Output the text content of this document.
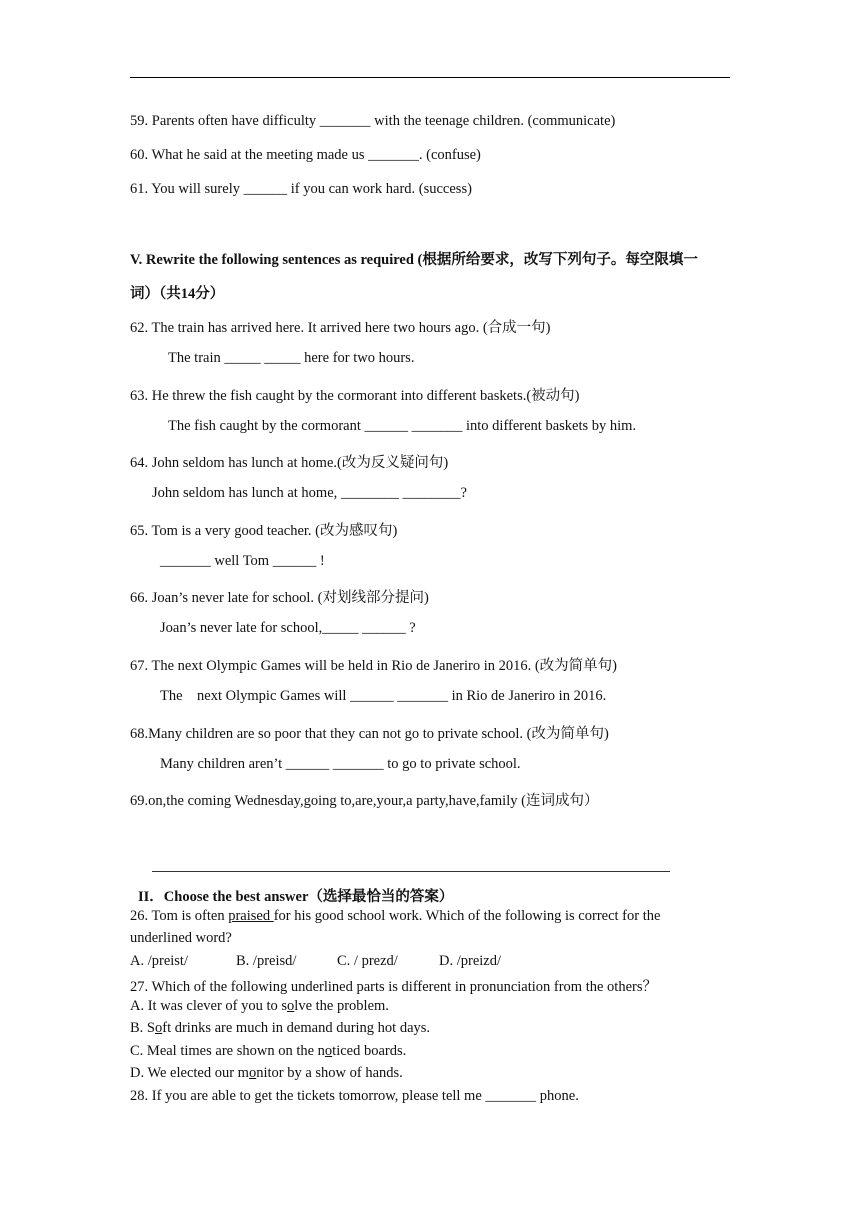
59. Parents often have difficulty _______ with the teenage children. (communicate)
60. What he said at the meeting made us _______. (confuse)
61. You will surely ______ if you can work hard. (success)
V. Rewrite the following sentences as required (根据所给要求，改写下列句子。每空限填一
词）（共14分）
62. The train has arrived here. It arrived here two hours ago. (合成一句)
The train _____ _____ here for two hours.
63. He threw the fish caught by the cormorant into different baskets.(被动句)
The fish caught by the cormorant ______ _______ into different baskets by him.
64. John seldom has lunch at home.(改为反义疑问句)
John seldom has lunch at home, ________ ________?
65. Tom is a very good teacher. (改为感叹句)
_______ well Tom ______ !
66. Joan’s never late for school. (对划线部分提问)
Joan’s never late for school,_____ ______ ?
67. The next Olympic Games will be held in Rio de Janeriro in 2016. (改为简单句)
The    next Olympic Games will ______ _______ in Rio de Janeriro in 2016.
68.Many children are so poor that they can not go to private school. (改为简单句)
Many children aren’t ______ _______ to go to private school.
69.on,the coming Wednesday,going to,are,your,a party,have,family (连词成句）
II．Choose the best answer（选择最恰当的答案）
26. Tom is often praised for his good school work. Which of the following is correct for the
underlined word?
A. /preist/	B. /preisd/	C. / prezd/	D. /preizd/
27. Which of the following underlined parts is different in pronunciation from the others？
A. It was clever of you to solve the problem.
B. Soft drinks are much in demand during hot days.
C. Meal times are shown on the noticed boards.
D. We elected our monitor by a show of hands.
28. If you are able to get the tickets tomorrow, please tell me _______ phone.
